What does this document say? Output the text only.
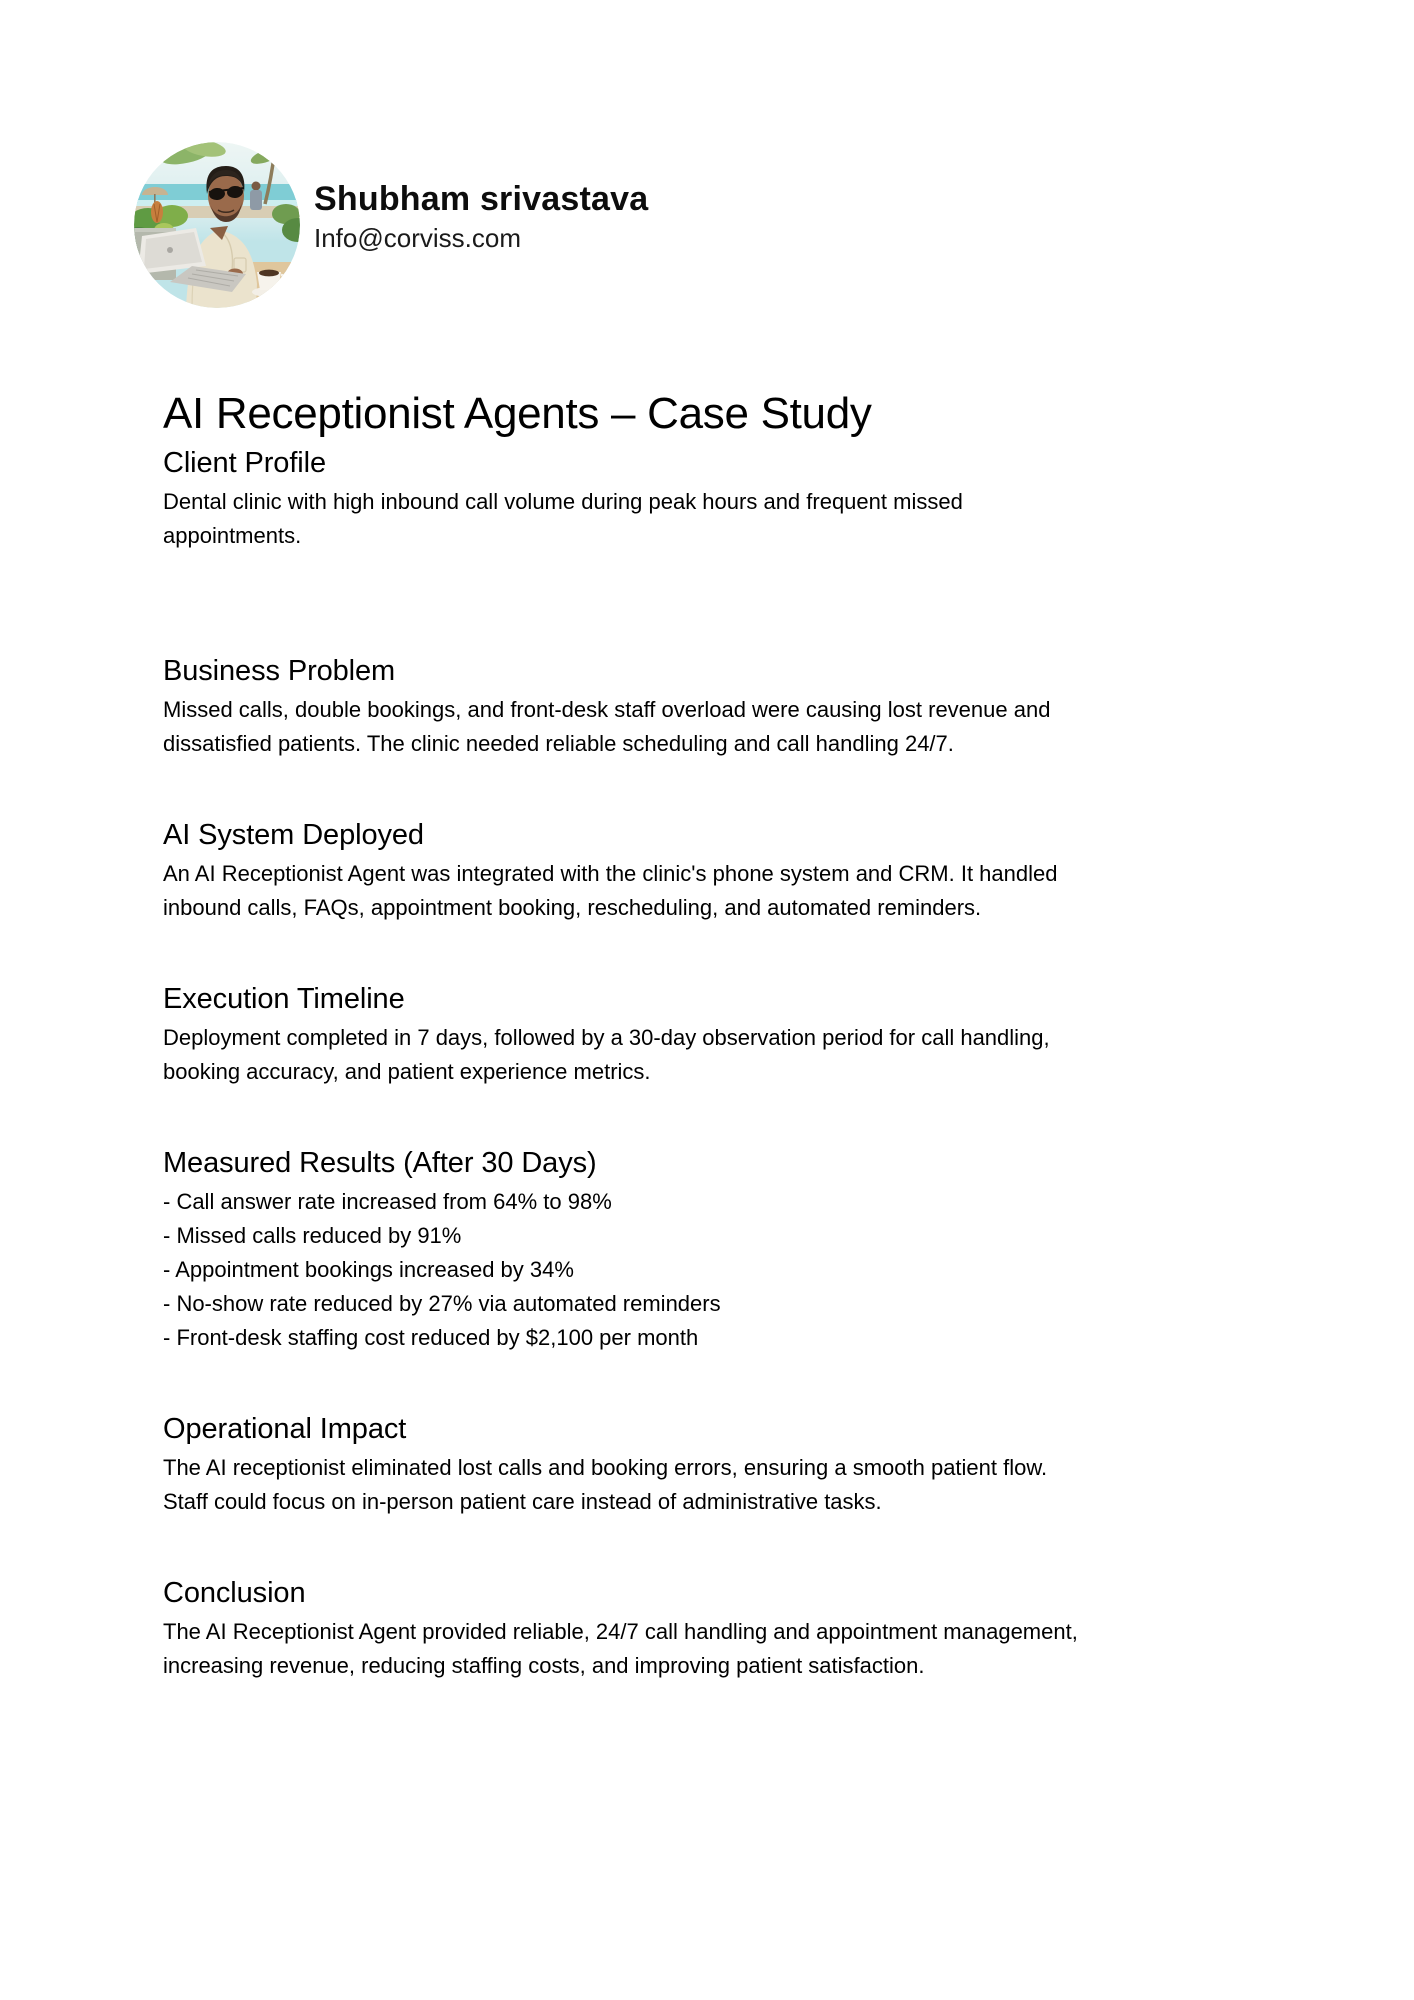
Shubham srivastava
Info@corviss.com
AI Receptionist Agents – Case Study
Client Profile
Dental clinic with high inbound call volume during peak hours and frequent missed
appointments.
Business Problem
Missed calls, double bookings, and front-desk staff overload were causing lost revenue and
dissatisfied patients. The clinic needed reliable scheduling and call handling 24/7.
AI System Deployed
An AI Receptionist Agent was integrated with the clinic's phone system and CRM. It handled
inbound calls, FAQs, appointment booking, rescheduling, and automated reminders.
Execution Timeline
Deployment completed in 7 days, followed by a 30-day observation period for call handling,
booking accuracy, and patient experience metrics.
Measured Results (After 30 Days)
- Call answer rate increased from 64% to 98%
- Missed calls reduced by 91%
- Appointment bookings increased by 34%
- No-show rate reduced by 27% via automated reminders
- Front-desk staffing cost reduced by $2,100 per month
Operational Impact
The AI receptionist eliminated lost calls and booking errors, ensuring a smooth patient flow.
Staff could focus on in-person patient care instead of administrative tasks.
Conclusion
The AI Receptionist Agent provided reliable, 24/7 call handling and appointment management,
increasing revenue, reducing staffing costs, and improving patient satisfaction.
